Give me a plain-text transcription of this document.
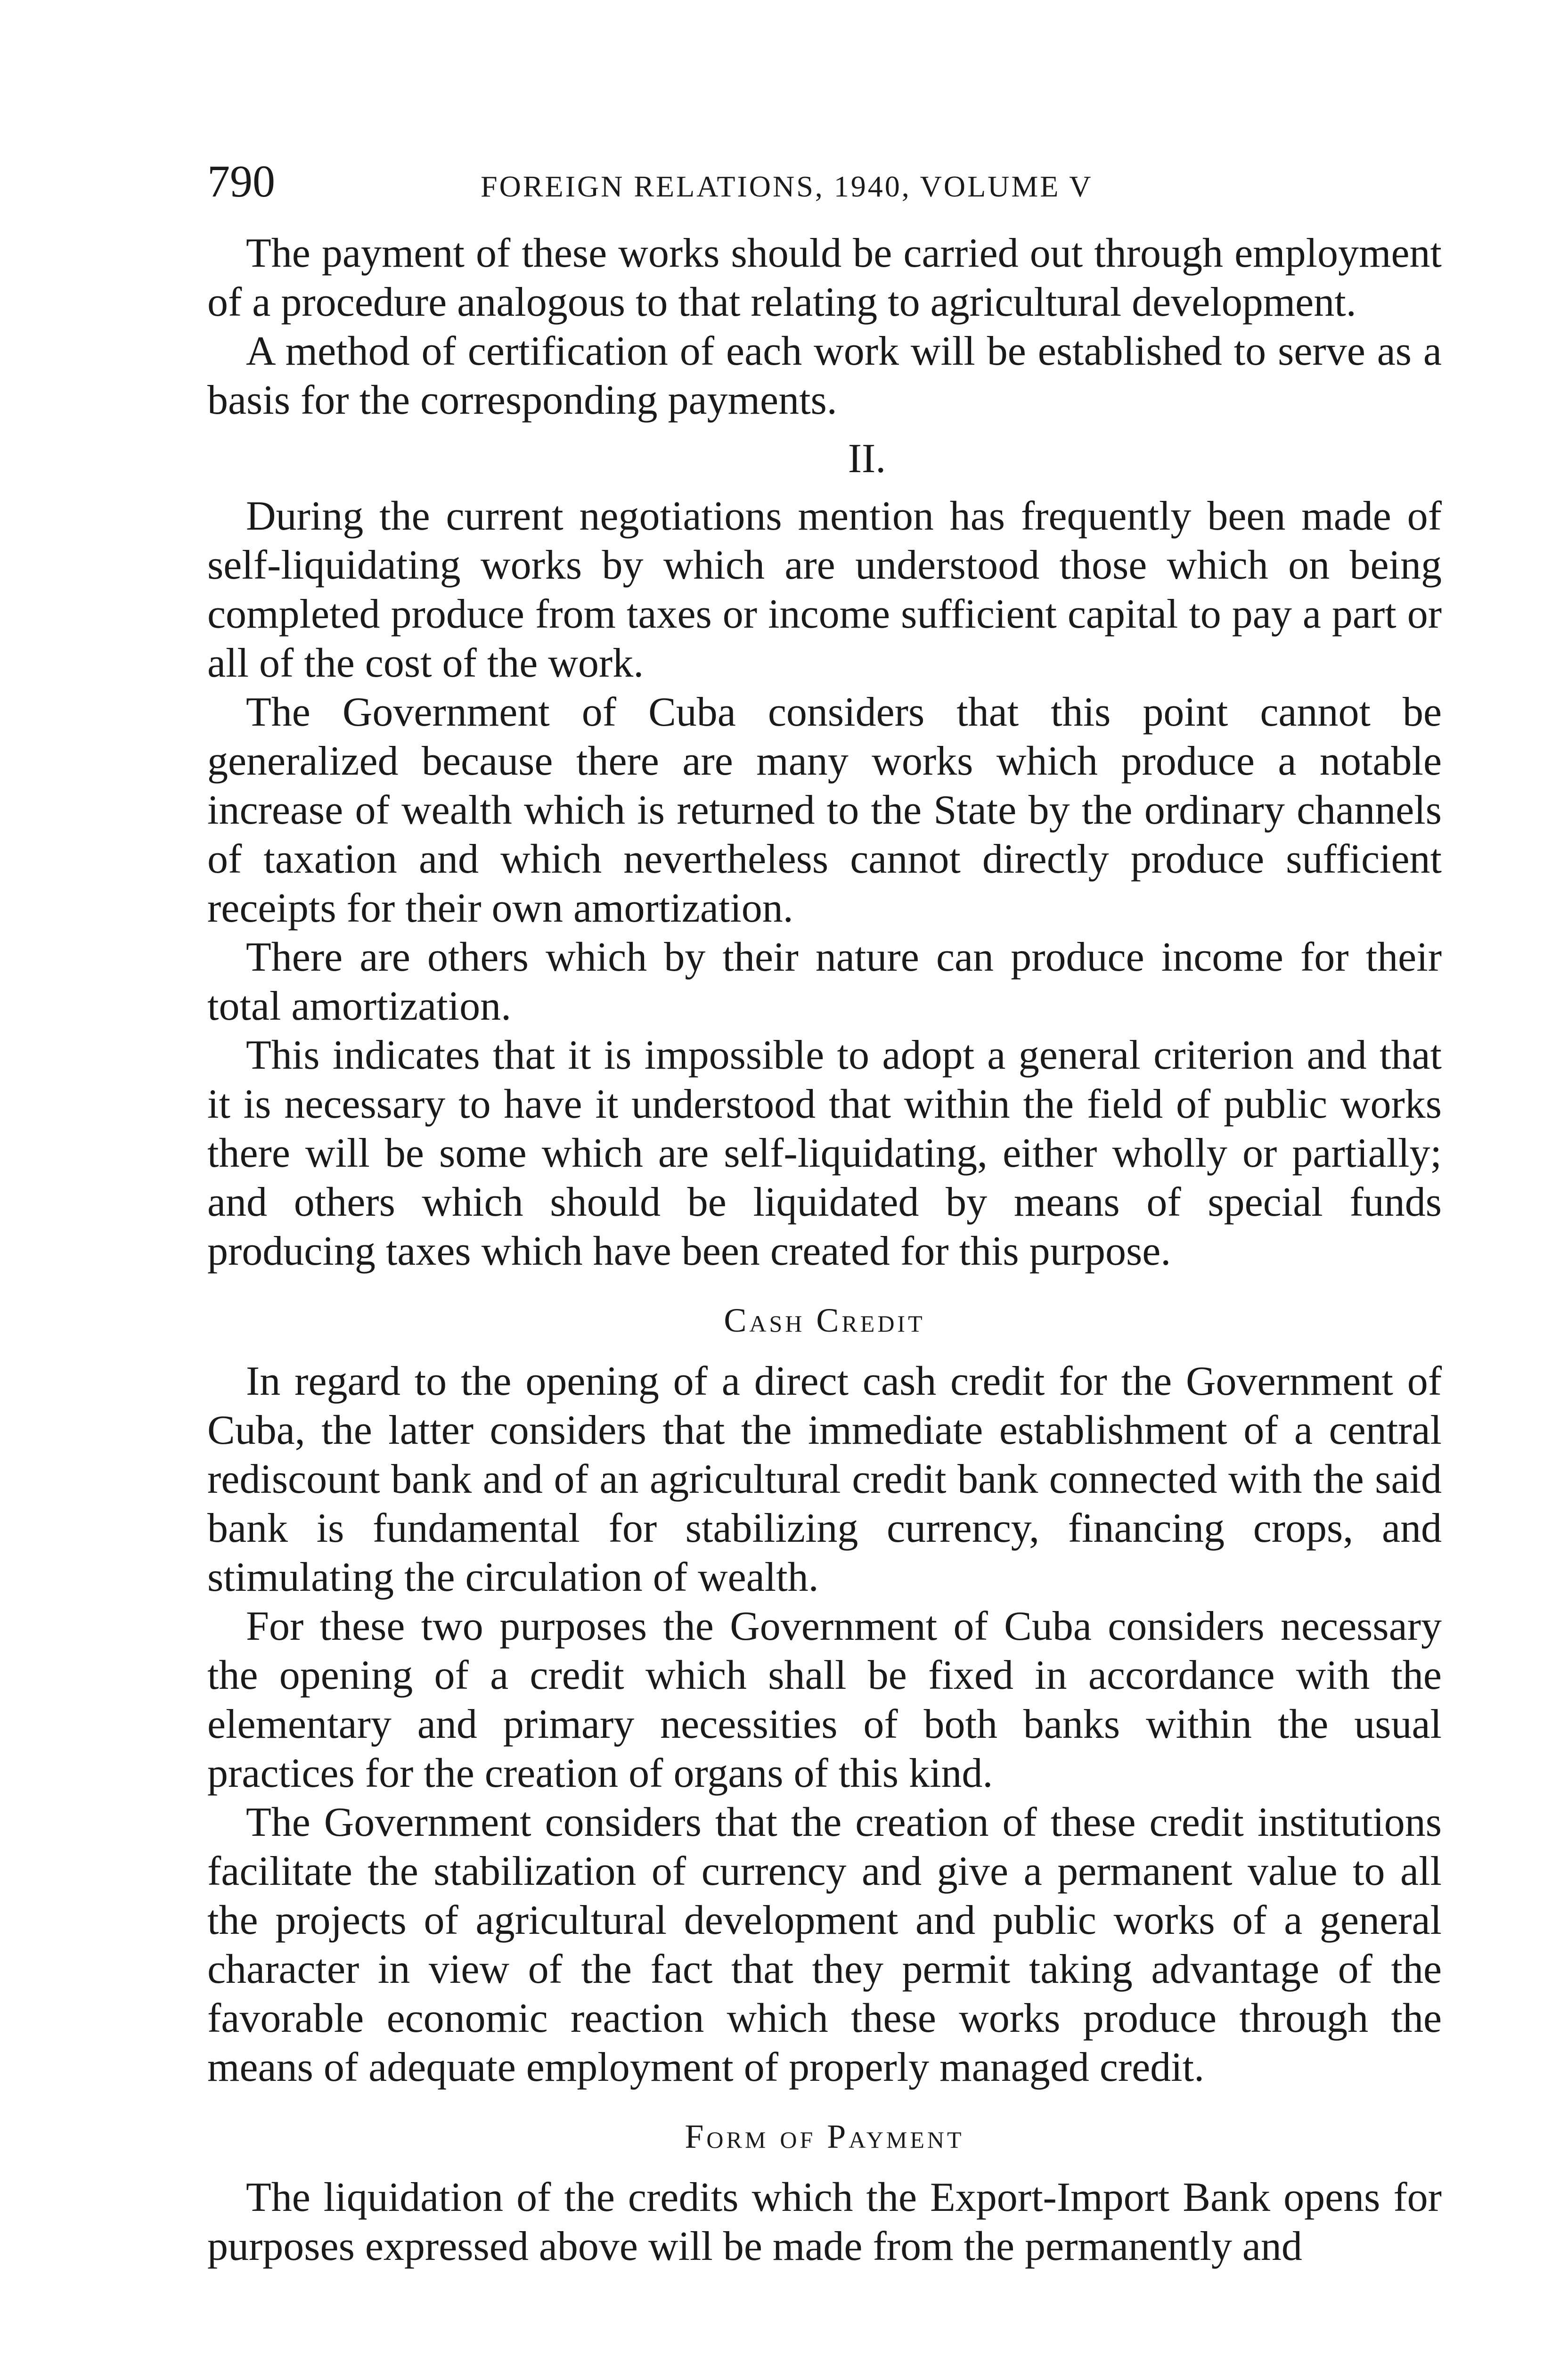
790	FOREIGN RELATIONS, 1940, VOLUME V

The payment of these works should be carried out through employment of a procedure analogous to that relating to agricultural development.

A method of certification of each work will be established to serve as a basis for the corresponding payments.

II.

During the current negotiations mention has frequently been made of self-liquidating works by which are understood those which on being completed produce from taxes or income sufficient capital to pay a part or all of the cost of the work.

The Government of Cuba considers that this point cannot be generalized because there are many works which produce a notable increase of wealth which is returned to the State by the ordinary channels of taxation and which nevertheless cannot directly produce sufficient receipts for their own amortization.

There are others which by their nature can produce income for their total amortization.

This indicates that it is impossible to adopt a general criterion and that it is necessary to have it understood that within the field of public works there will be some which are self-liquidating, either wholly or partially; and others which should be liquidated by means of special funds producing taxes which have been created for this purpose.

Cash Credit

In regard to the opening of a direct cash credit for the Government of Cuba, the latter considers that the immediate establishment of a central rediscount bank and of an agricultural credit bank connected with the said bank is fundamental for stabilizing currency, financing crops, and stimulating the circulation of wealth.

For these two purposes the Government of Cuba considers necessary the opening of a credit which shall be fixed in accordance with the elementary and primary necessities of both banks within the usual practices for the creation of organs of this kind.

The Government considers that the creation of these credit institutions facilitate the stabilization of currency and give a permanent value to all the projects of agricultural development and public works of a general character in view of the fact that they permit taking advantage of the favorable economic reaction which these works produce through the means of adequate employment of properly managed credit.

Form of Payment

The liquidation of the credits which the Export-Import Bank opens for purposes expressed above will be made from the permanently and
